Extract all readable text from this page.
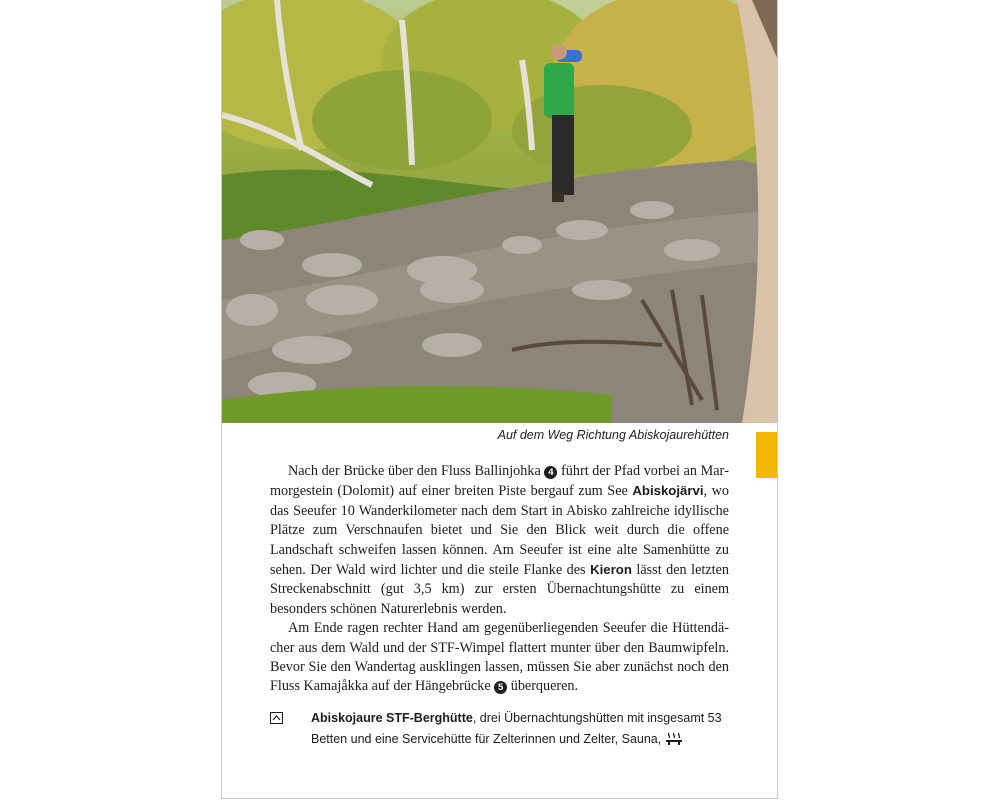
Auf dem Weg Richtung Abiskojaurehütten

Nach der Brücke über den Fluss Ballinjohka 4 führt der Pfad vorbei an Marmorgestein (Dolomit) auf einer breiten Piste bergauf zum See Abiskojärvi, wo das Seeufer 10 Wanderkilometer nach dem Start in Abisko zahlreiche idyllische Plätze zum Verschnaufen bietet und Sie den Blick weit durch die offene Landschaft schweifen lassen können. Am Seeufer ist eine alte Samenhütte zu sehen. Der Wald wird lichter und die steile Flanke des Kieron lässt den letzten Streckenabschnitt (gut 3,5 km) zur ersten Übernachtungshütte zu einem besonders schönen Naturerlebnis werden.

Am Ende ragen rechter Hand am gegenüberliegenden Seeufer die Hüttendächer aus dem Wald und der STF-Wimpel flattert munter über den Baumwipfeln. Bevor Sie den Wandertag ausklingen lassen, müssen Sie aber zunächst noch den Fluss Kamajåkka auf der Hängebrücke 5 überqueren.

Abiskojaure STF-Berghütte, drei Übernachtungshütten mit insgesamt 53 Betten und eine Servicehütte für Zelterinnen und Zelter, Sauna,
